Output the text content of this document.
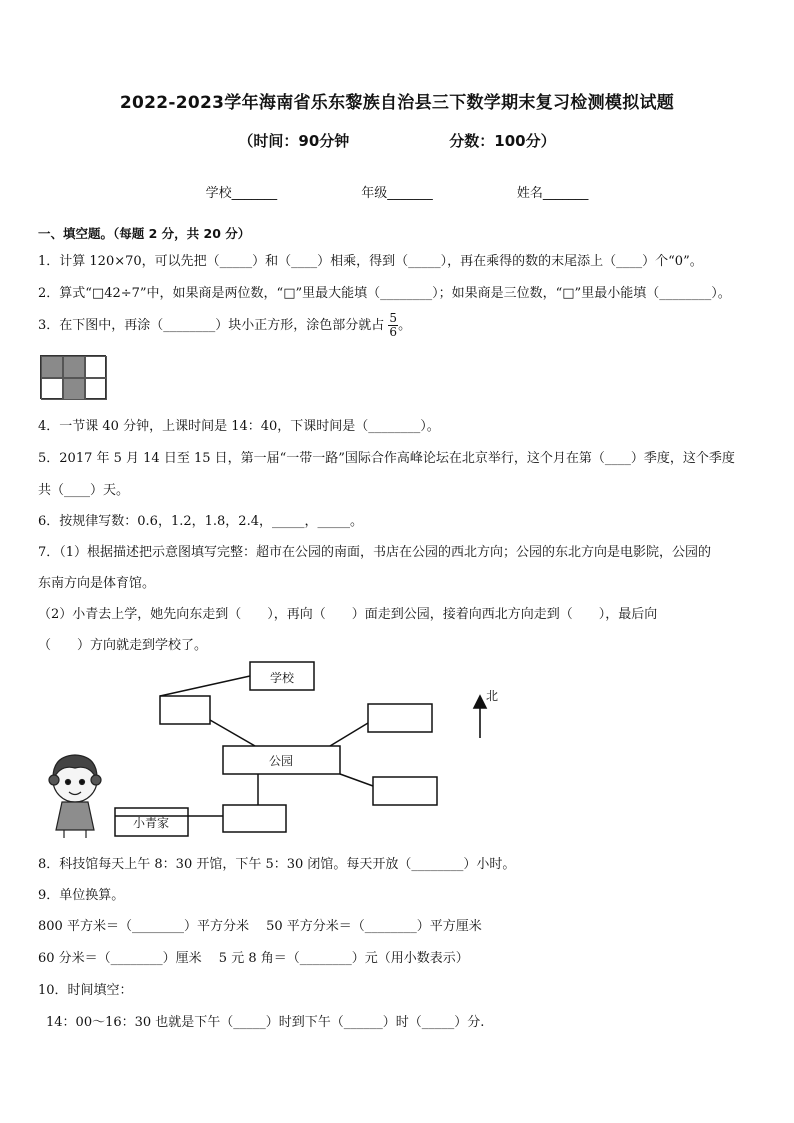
2022-2023学年海南省乐东黎族自治县三下数学期末复习检测模拟试题
（时间：90分钟	分数：100分）
学校_______	年级_______	姓名_______
一、填空题。（每题 2 分，共 20 分）
1．计算 120×70，可以先把（_____）和（____）相乘，得到（_____），再在乘得的数的末尾添上（____）个“0”。
2．算式“□42÷7”中，如果商是两位数，“□”里最大能填（________）；如果商是三位数，“□”里最小能填（________）。
3．在下图中，再涂（________）块小正方形，涂色部分就占 $\frac{5}{6}$ 。
4．一节课 40 分钟，上课时间是 14：40，下课时间是（________）。
5．2017 年 5 月 14 日至 15 日，第一届“一带一路”国际合作高峰论坛在北京举行，这个月在第（____）季度，这个季度
共（____）天。
6．按规律写数：0.6，1.2，1.8，2.4，_____，_____。
7．（1）根据描述把示意图填写完整：超市在公园的南面，书店在公园的西北方向；公园的东北方向是电影院，公园的
东南方向是体育馆。
（2）小青去上学，她先向东走到（　　），再向（　　）面走到公园，接着向西北方向走到（　　），最后向
（　　）方向就走到学校了。
学校
公园
小青家
北
8．科技馆每天上午 8：30 开馆，下午 5：30 闭馆。每天开放（________）小时。
9．单位换算。
800 平方米＝（________）平方分米　 50 平方分米＝（________）平方厘米
60 分米＝（________）厘米　 5 元 8 角＝（________）元（用小数表示）
10．时间填空：
14：00～16：30 也就是下午（_____）时到下午（______）时（_____）分.
